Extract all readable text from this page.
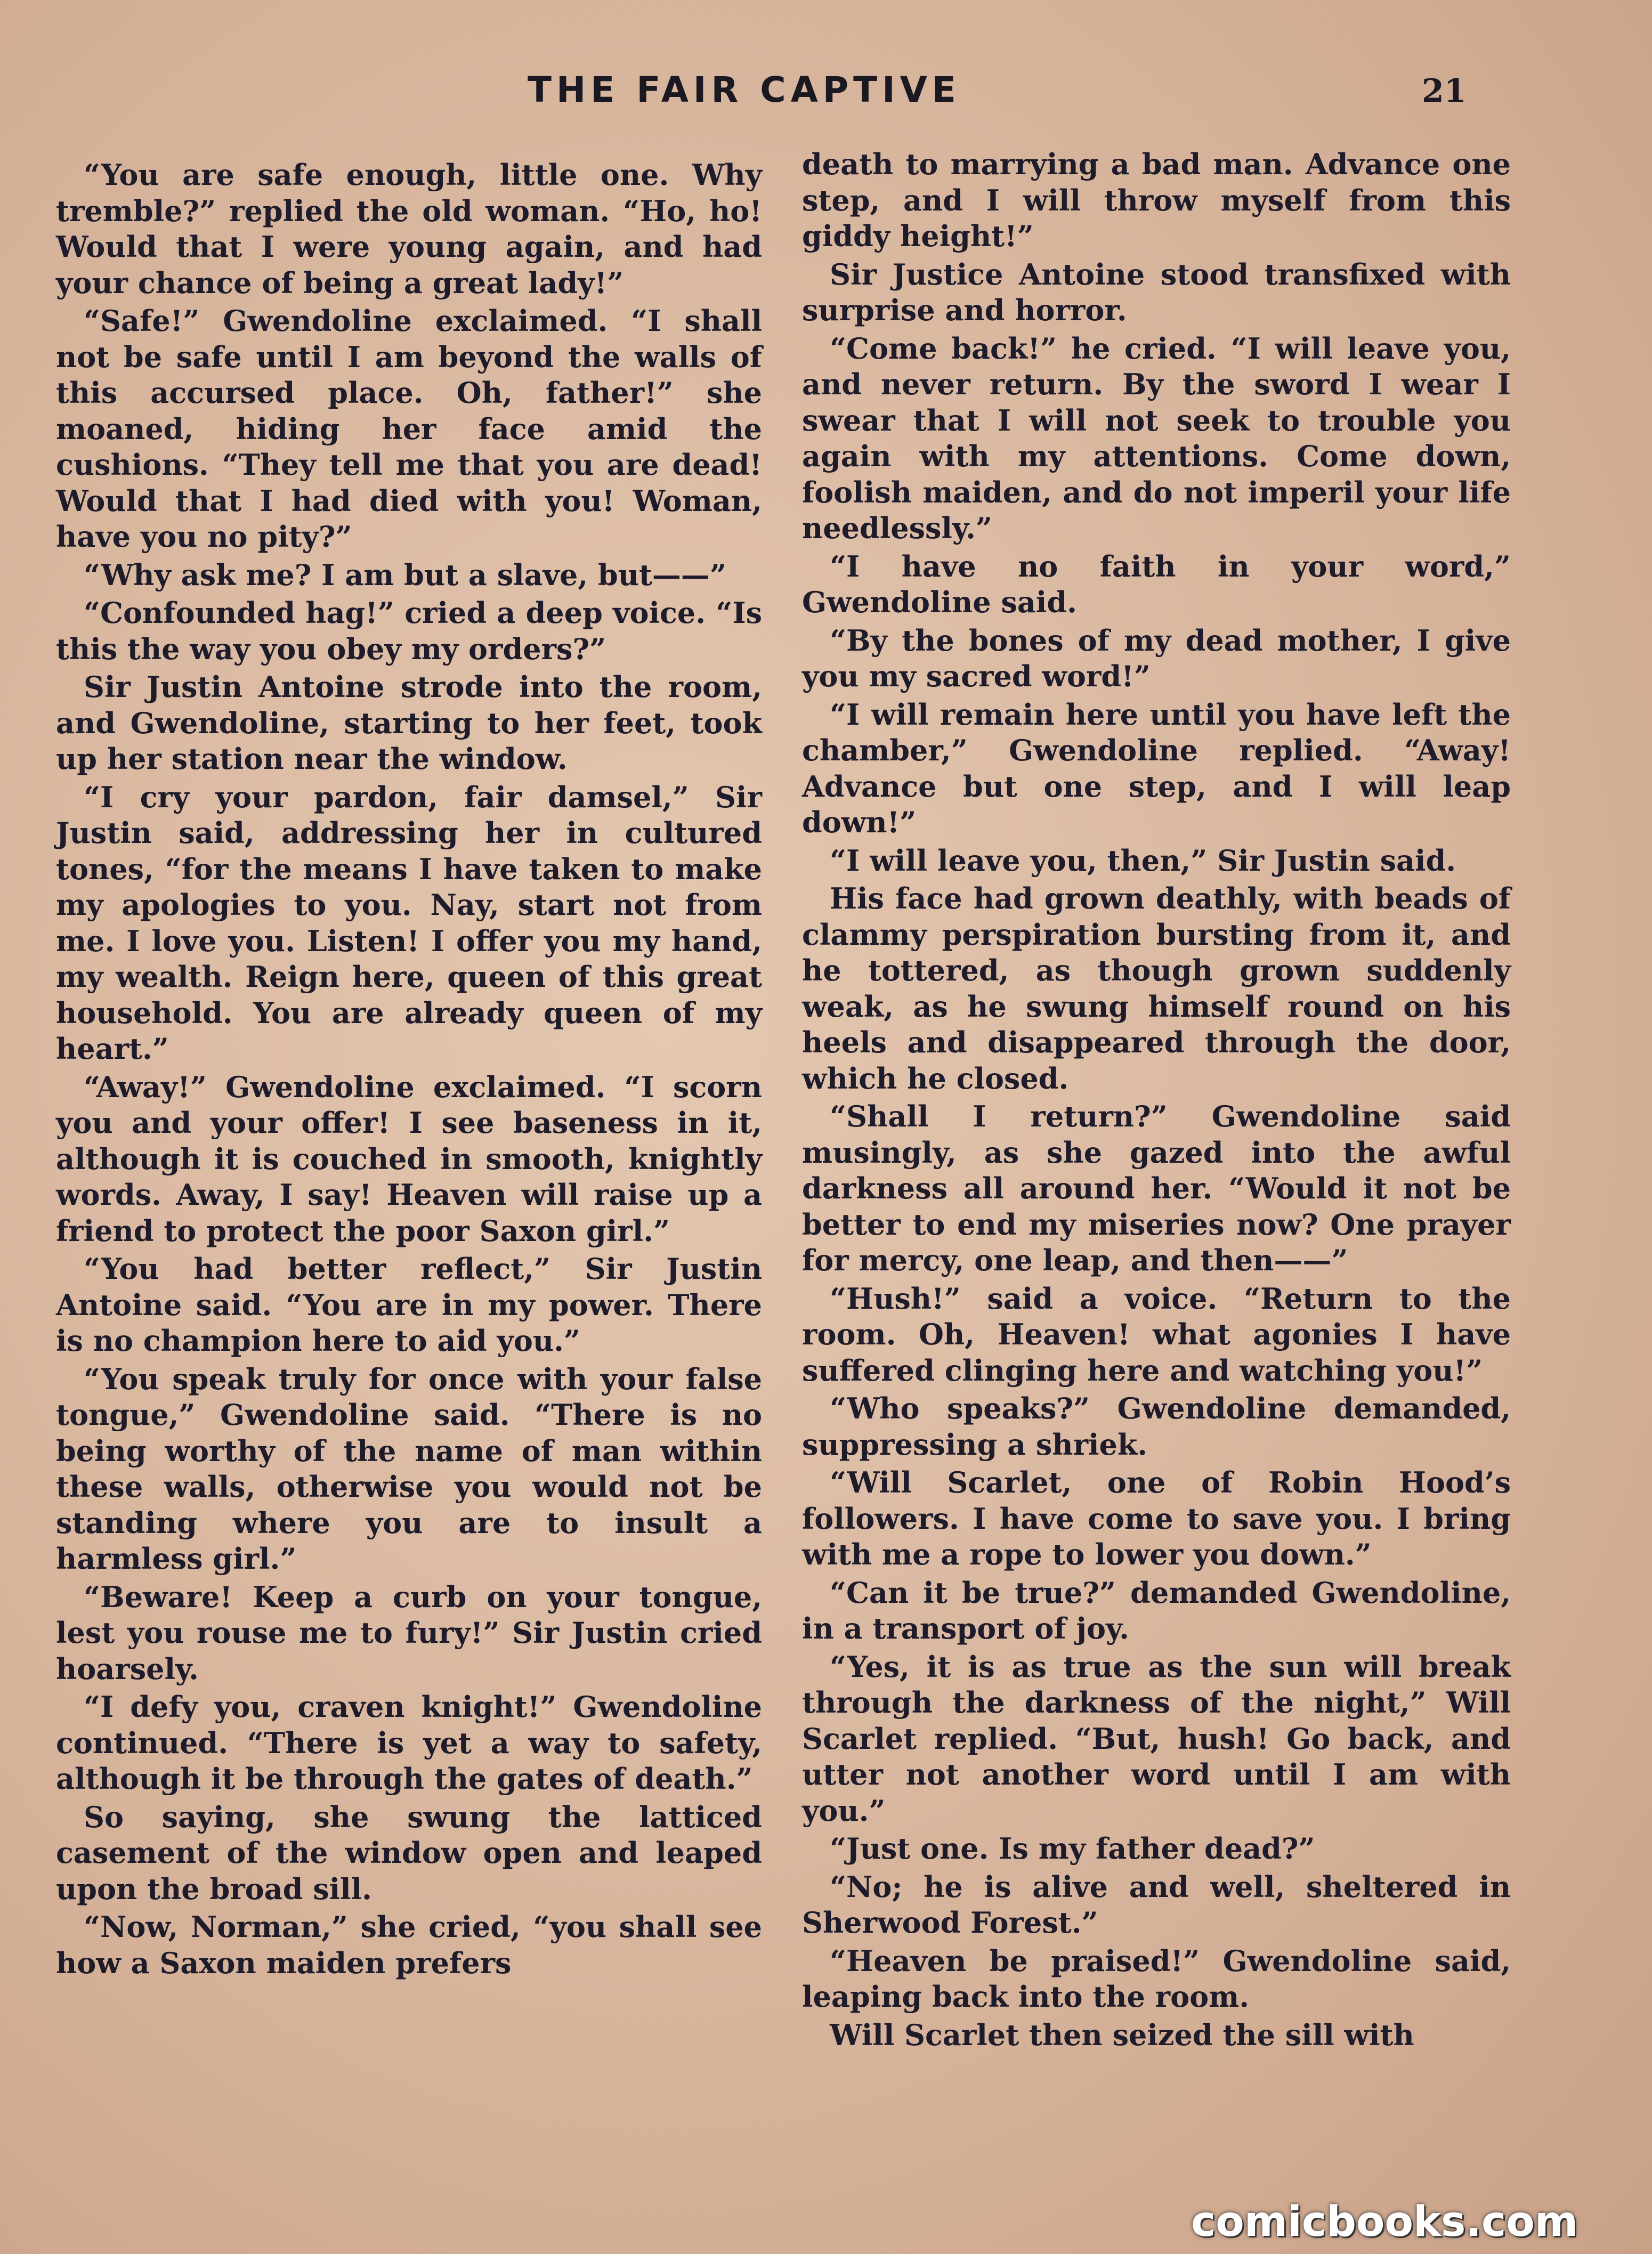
THE FAIR CAPTIVE	21

“You are safe enough, little one. Why tremble?” replied the old woman. “Ho, ho! Would that I were young again, and had your chance of being a great lady!”

“Safe!” Gwendoline exclaimed. “I shall not be safe until I am beyond the walls of this accursed place. Oh, father!” she moaned, hiding her face amid the cushions. “They tell me that you are dead! Would that I had died with you! Woman, have you no pity?”

“Why ask me? I am but a slave, but——”

“Confounded hag!” cried a deep voice. “Is this the way you obey my orders?”

Sir Justin Antoine strode into the room, and Gwendoline, starting to her feet, took up her station near the window.

“I cry your pardon, fair damsel,” Sir Justin said, addressing her in cultured tones, “for the means I have taken to make my apologies to you. Nay, start not from me. I love you. Listen! I offer you my hand, my wealth. Reign here, queen of this great household. You are already queen of my heart.”

“Away!” Gwendoline exclaimed. “I scorn you and your offer! I see baseness in it, although it is couched in smooth, knightly words. Away, I say! Heaven will raise up a friend to protect the poor Saxon girl.”

“You had better reflect,” Sir Justin Antoine said. “You are in my power. There is no champion here to aid you.”

“You speak truly for once with your false tongue,” Gwendoline said. “There is no being worthy of the name of man within these walls, otherwise you would not be standing where you are to insult a harmless girl.”

“Beware! Keep a curb on your tongue, lest you rouse me to fury!” Sir Justin cried hoarsely.

“I defy you, craven knight!” Gwendoline continued. “There is yet a way to safety, although it be through the gates of death.”

So saying, she swung the latticed casement of the window open and leaped upon the broad sill.

“Now, Norman,” she cried, “you shall see how a Saxon maiden prefers

death to marrying a bad man. Advance one step, and I will throw myself from this giddy height!”

Sir Justice Antoine stood transfixed with surprise and horror.

“Come back!” he cried. “I will leave you, and never return. By the sword I wear I swear that I will not seek to trouble you again with my attentions. Come down, foolish maiden, and do not imperil your life needlessly.”

“I have no faith in your word,” Gwendoline said.

“By the bones of my dead mother, I give you my sacred word!”

“I will remain here until you have left the chamber,” Gwendoline replied. “Away! Advance but one step, and I will leap down!”

“I will leave you, then,” Sir Justin said.

His face had grown deathly, with beads of clammy perspiration bursting from it, and he tottered, as though grown suddenly weak, as he swung himself round on his heels and disappeared through the door, which he closed.

“Shall I return?” Gwendoline said musingly, as she gazed into the awful darkness all around her. “Would it not be better to end my miseries now? One prayer for mercy, one leap, and then——”

“Hush!” said a voice. “Return to the room. Oh, Heaven! what agonies I have suffered clinging here and watching you!”

“Who speaks?” Gwendoline demanded, suppressing a shriek.

“Will Scarlet, one of Robin Hood’s followers. I have come to save you. I bring with me a rope to lower you down.”

“Can it be true?” demanded Gwendoline, in a transport of joy.

“Yes, it is as true as the sun will break through the darkness of the night,” Will Scarlet replied. “But, hush! Go back, and utter not another word until I am with you.”

“Just one. Is my father dead?”

“No; he is alive and well, sheltered in Sherwood Forest.”

“Heaven be praised!” Gwendoline said, leaping back into the room.

Will Scarlet then seized the sill with

comicbooks.com
